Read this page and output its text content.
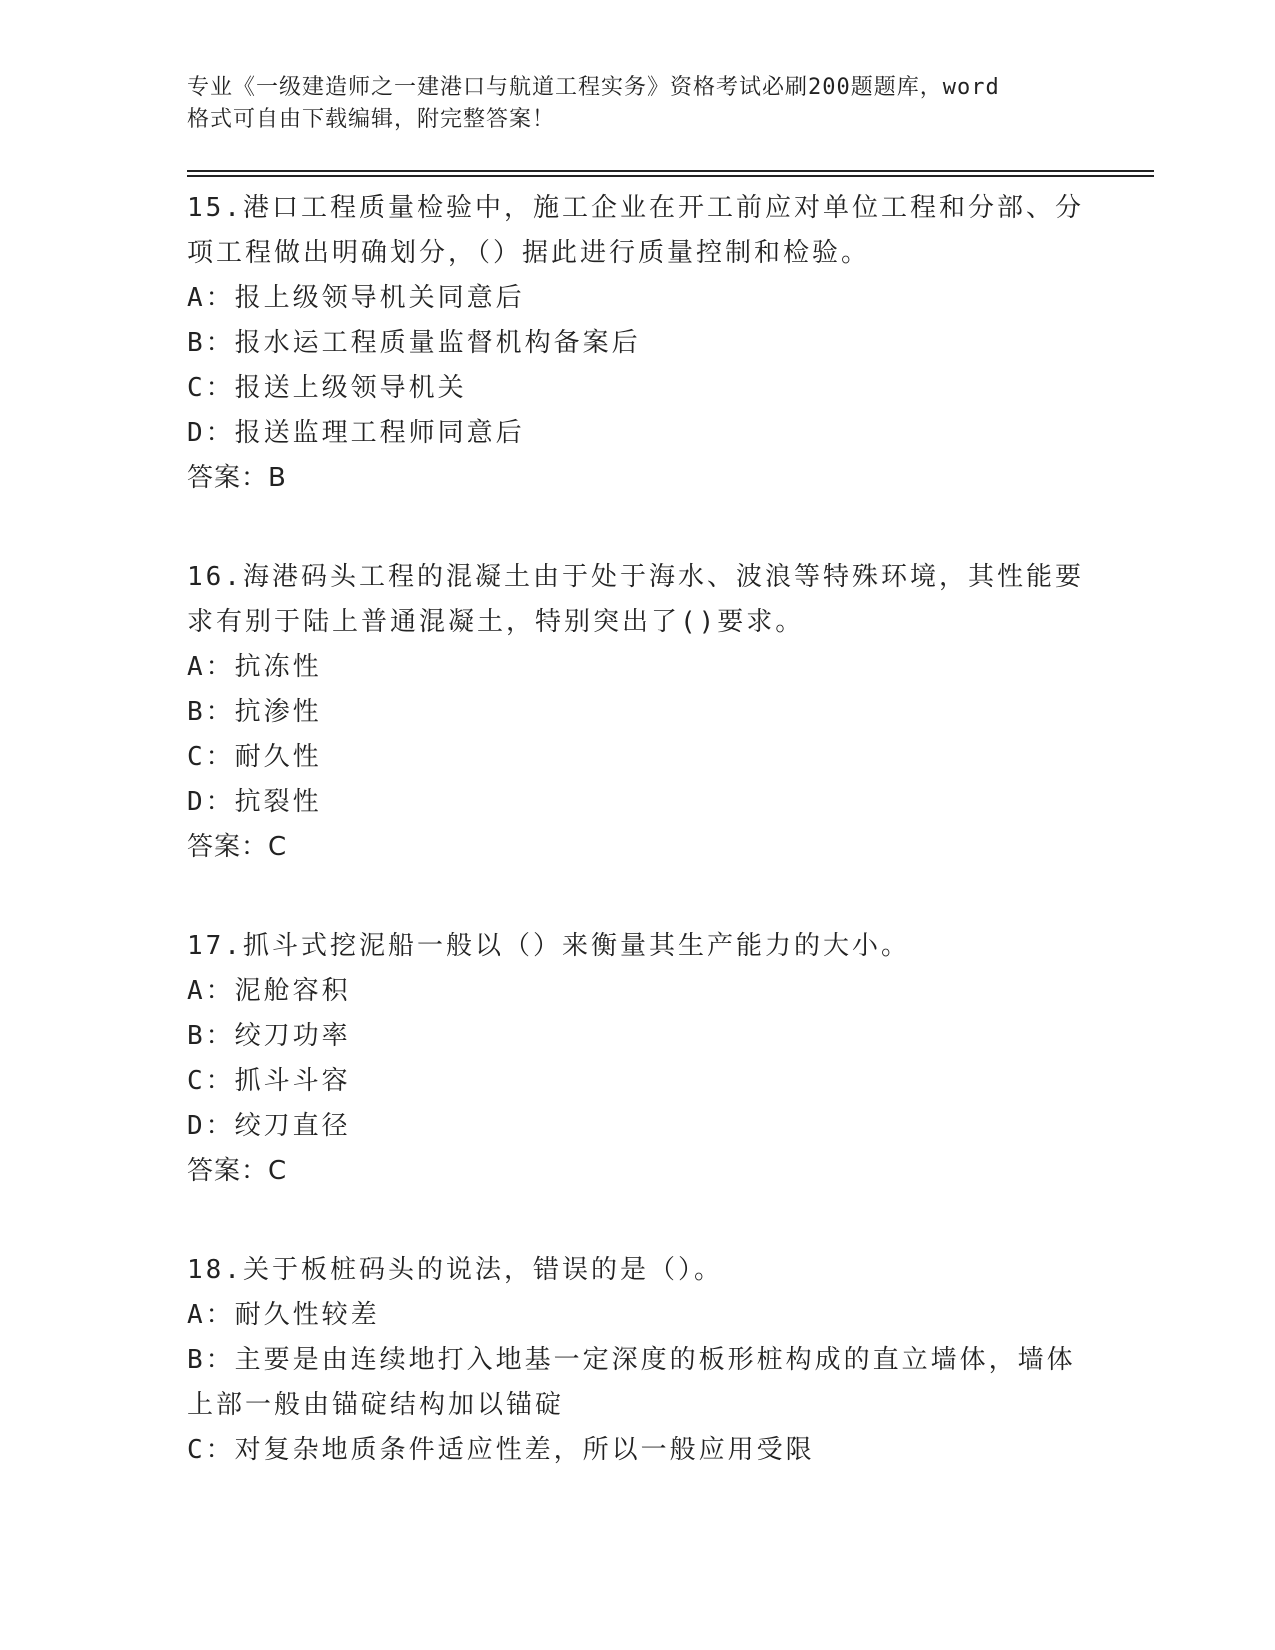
专业《一级建造师之一建港口与航道工程实务》资格考试必刷200题题库，word
格式可自由下载编辑，附完整答案！
15.港口工程质量检验中，施工企业在开工前应对单位工程和分部、分
项工程做出明确划分，（）据此进行质量控制和检验。
A：报上级领导机关同意后
B：报水运工程质量监督机构备案后
C：报送上级领导机关
D：报送监理工程师同意后
答案：B
16.海港码头工程的混凝土由于处于海水、波浪等特殊环境，其性能要
求有别于陆上普通混凝土，特别突出了()要求。
A：抗冻性
B：抗渗性
C：耐久性
D：抗裂性
答案：C
17.抓斗式挖泥船一般以（）来衡量其生产能力的大小。
A：泥舱容积
B：绞刀功率
C：抓斗斗容
D：绞刀直径
答案：C
18.关于板桩码头的说法，错误的是（）。
A：耐久性较差
B：主要是由连续地打入地基一定深度的板形桩构成的直立墙体，墙体
上部一般由锚碇结构加以锚碇
C：对复杂地质条件适应性差，所以一般应用受限
